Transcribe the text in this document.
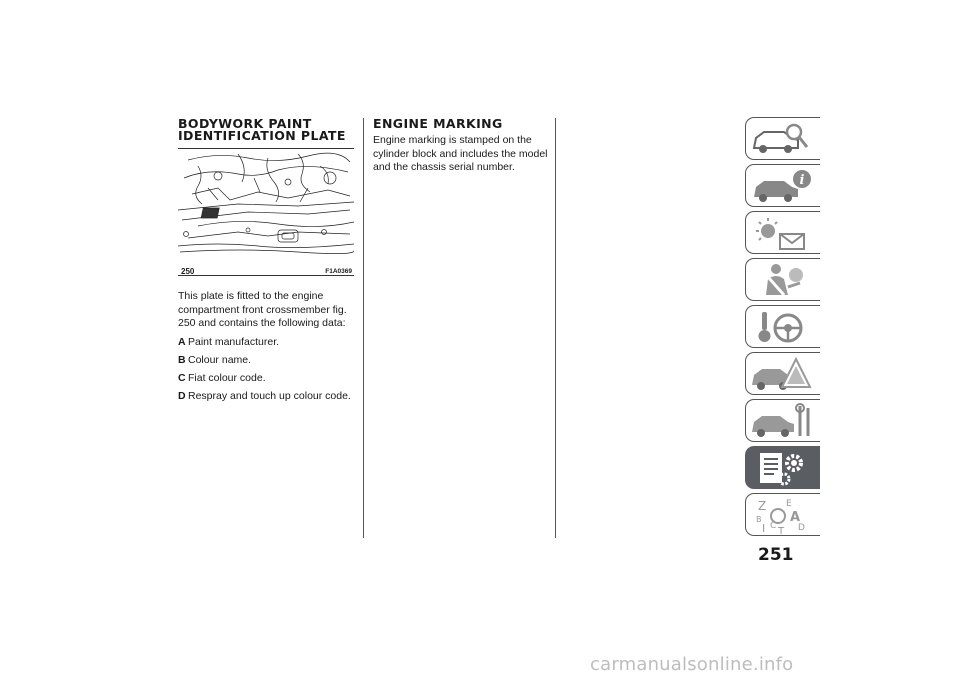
BODYWORK PAINT
IDENTIFICATION PLATE
250	F1A0369

This plate is fitted to the engine compartment front crossmember fig. 250 and contains the following data:

A Paint manufacturer.
B Colour name.
C Fiat colour code.
D Respray and touch up colour code.
ENGINE MARKING

Engine marking is stamped on the cylinder block and includes the model and the chassis serial number.

i
Z E
B A
I C T D
251
carmanualsonline.info
